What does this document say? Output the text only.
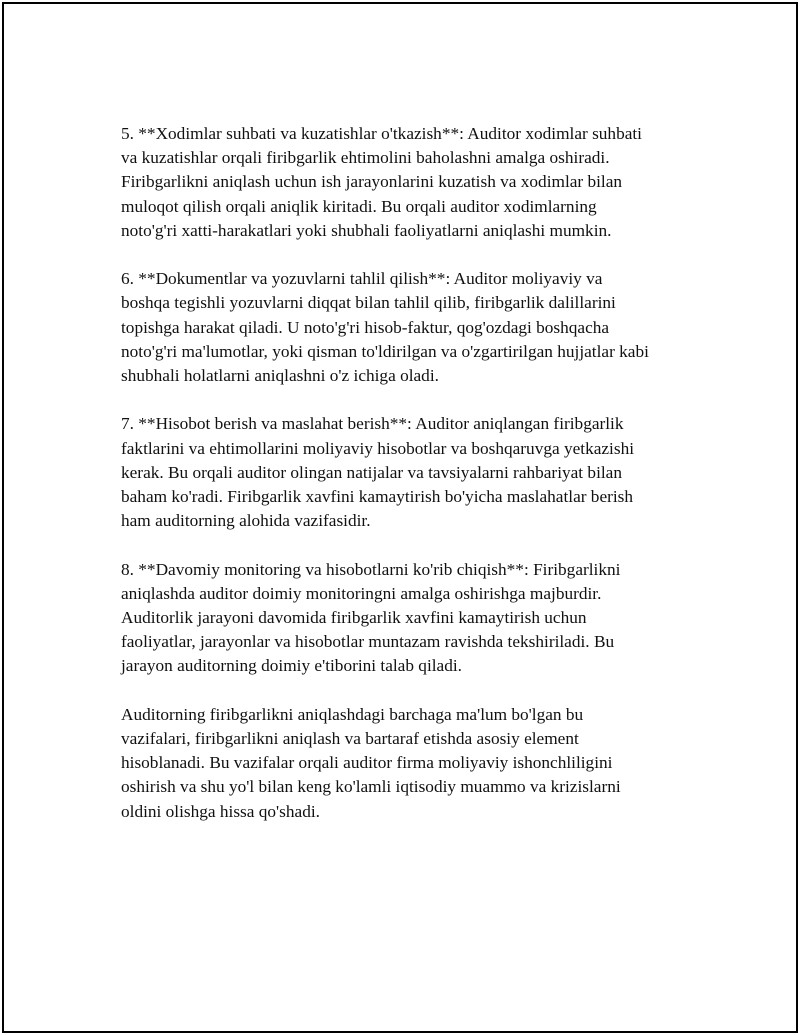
5. **Xodimlar suhbati va kuzatishlar o'tkazish**: Auditor xodimlar suhbati
va kuzatishlar orqali firibgarlik ehtimolini baholashni amalga oshiradi.
Firibgarlikni aniqlash uchun ish jarayonlarini kuzatish va xodimlar bilan
muloqot qilish orqali aniqlik kiritadi. Bu orqali auditor xodimlarning
noto'g'ri xatti-harakatlari yoki shubhali faoliyatlarni aniqlashi mumkin.

6. **Dokumentlar va yozuvlarni tahlil qilish**: Auditor moliyaviy va
boshqa tegishli yozuvlarni diqqat bilan tahlil qilib, firibgarlik dalillarini
topishga harakat qiladi. U noto'g'ri hisob-faktur, qog'ozdagi boshqacha
noto'g'ri ma'lumotlar, yoki qisman to'ldirilgan va o'zgartirilgan hujjatlar kabi
shubhali holatlarni aniqlashni o'z ichiga oladi.

7. **Hisobot berish va maslahat berish**: Auditor aniqlangan firibgarlik
faktlarini va ehtimollarini moliyaviy hisobotlar va boshqaruvga yetkazishi
kerak. Bu orqali auditor olingan natijalar va tavsiyalarni rahbariyat bilan
baham ko'radi. Firibgarlik xavfini kamaytirish bo'yicha maslahatlar berish
ham auditorning alohida vazifasidir.

8. **Davomiy monitoring va hisobotlarni ko'rib chiqish**: Firibgarlikni
aniqlashda auditor doimiy monitoringni amalga oshirishga majburdir.
Auditorlik jarayoni davomida firibgarlik xavfini kamaytirish uchun
faoliyatlar, jarayonlar va hisobotlar muntazam ravishda tekshiriladi. Bu
jarayon auditorning doimiy e'tiborini talab qiladi.

Auditorning firibgarlikni aniqlashdagi barchaga ma'lum bo'lgan bu
vazifalari, firibgarlikni aniqlash va bartaraf etishda asosiy element
hisoblanadi. Bu vazifalar orqali auditor firma moliyaviy ishonchliligini
oshirish va shu yo'l bilan keng ko'lamli iqtisodiy muammo va krizislarni
oldini olishga hissa qo'shadi.
